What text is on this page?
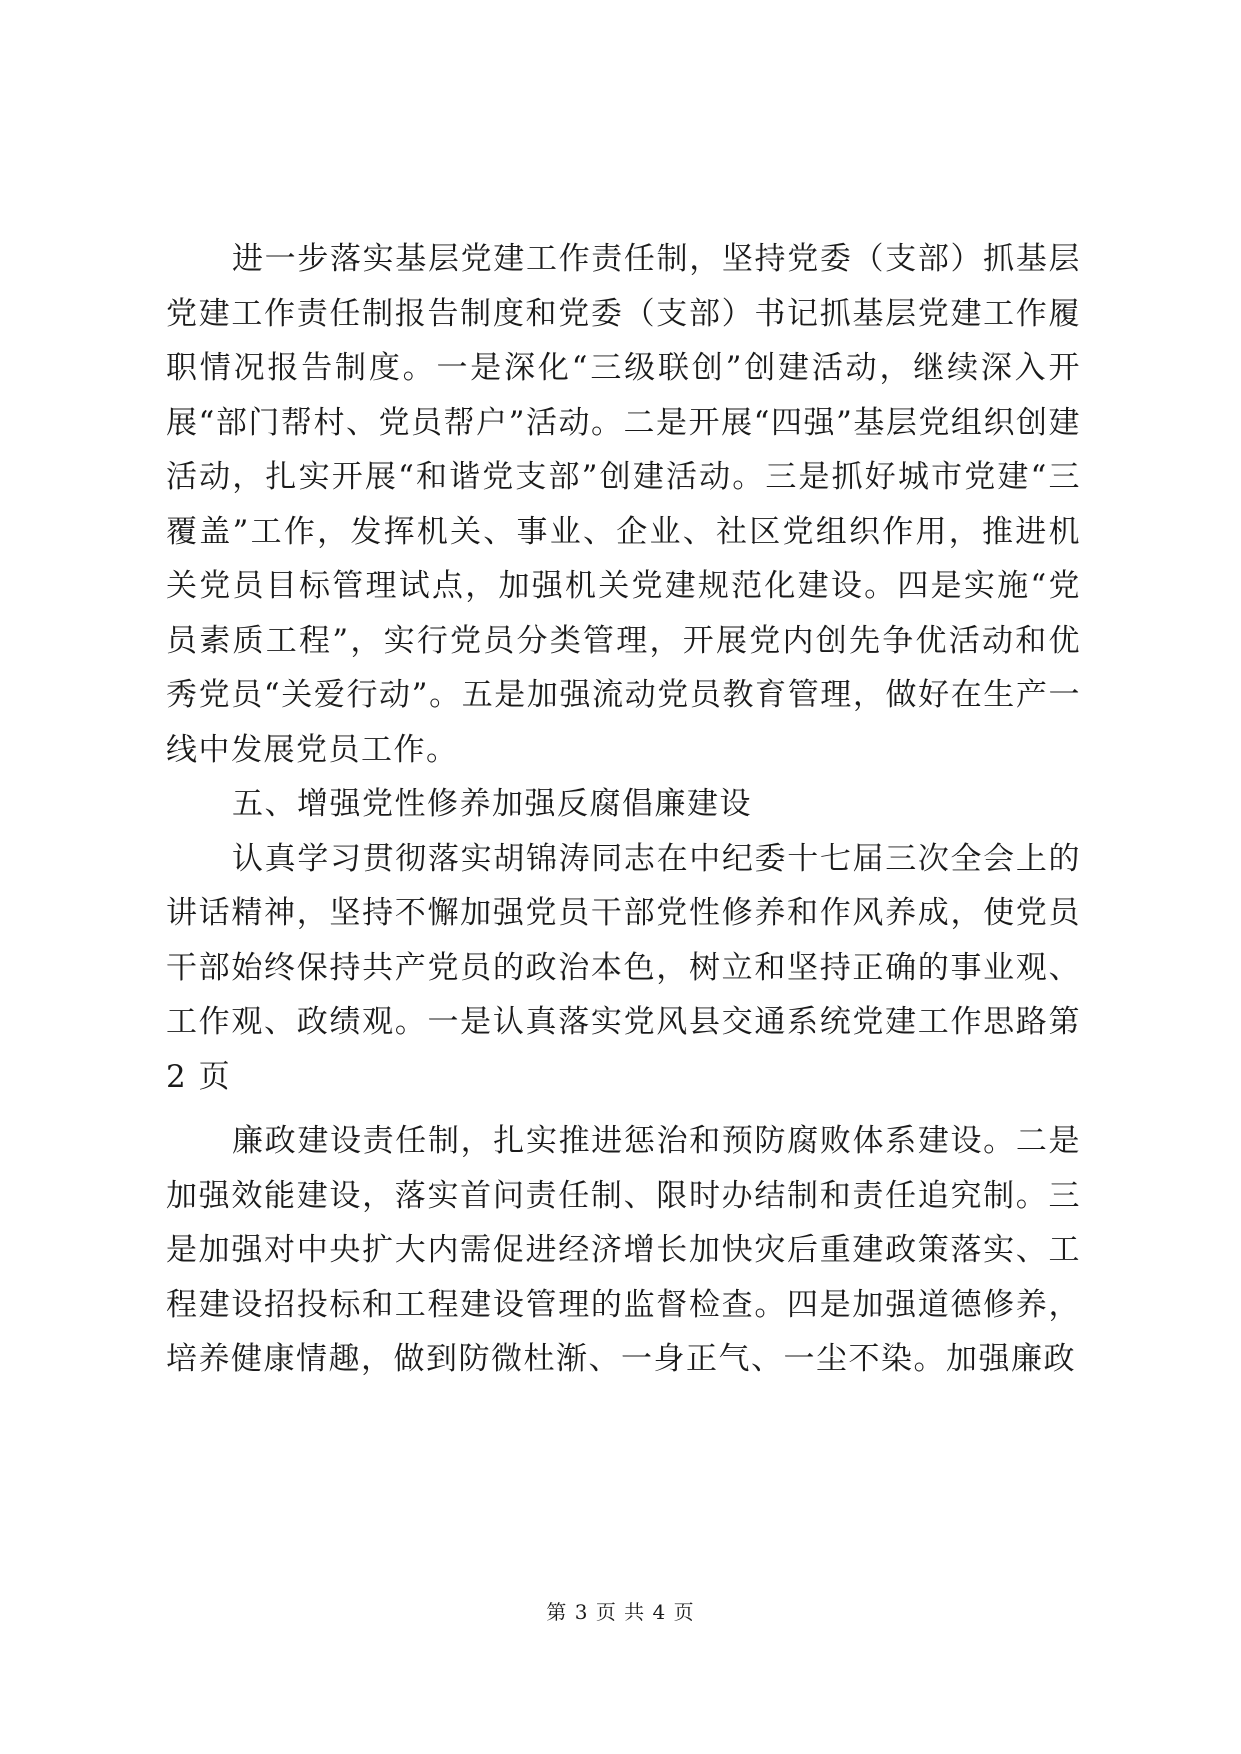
进一步落实基层党建工作责任制，坚持党委（支部）抓基层党建工作责任制报告制度和党委（支部）书记抓基层党建工作履职情况报告制度。一是深化“三级联创”创建活动，继续深入开展“部门帮村、党员帮户”活动。二是开展“四强”基层党组织创建活动，扎实开展“和谐党支部”创建活动。三是抓好城市党建“三覆盖”工作，发挥机关、事业、企业、社区党组织作用，推进机关党员目标管理试点，加强机关党建规范化建设。四是实施“党员素质工程”，实行党员分类管理，开展党内创先争优活动和优秀党员“关爱行动”。五是加强流动党员教育管理，做好在生产一线中发展党员工作。

五、增强党性修养加强反腐倡廉建设

认真学习贯彻落实胡锦涛同志在中纪委十七届三次全会上的讲话精神，坚持不懈加强党员干部党性修养和作风养成，使党员干部始终保持共产党员的政治本色，树立和坚持正确的事业观、工作观、政绩观。一是认真落实党风县交通系统党建工作思路第 2 页

廉政建设责任制，扎实推进惩治和预防腐败体系建设。二是加强效能建设，落实首问责任制、限时办结制和责任追究制。三是加强对中央扩大内需促进经济增长加快灾后重建政策落实、工程建设招投标和工程建设管理的监督检查。四是加强道德修养，培养健康情趣，做到防微杜渐、一身正气、一尘不染。加强廉政

第 3 页 共 4 页
